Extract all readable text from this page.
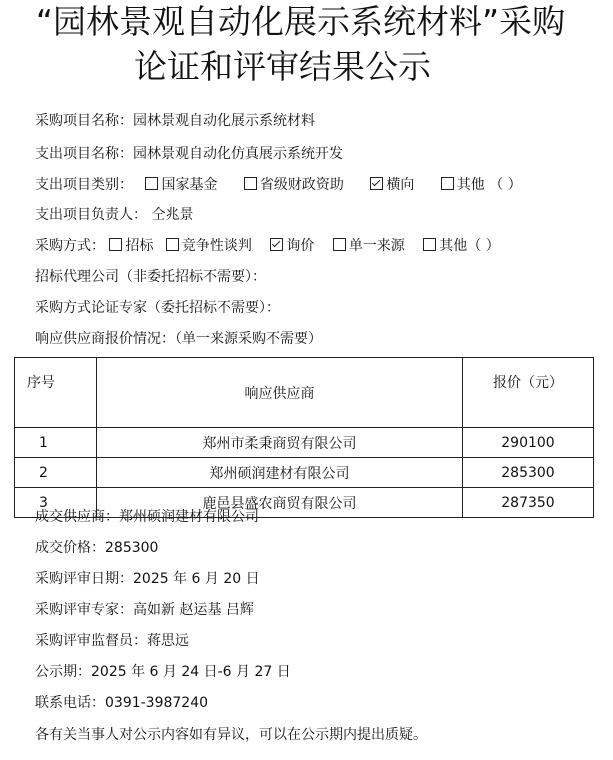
“园林景观自动化展示系统材料”采购
论证和评审结果公示
采购项目名称：园林景观自动化展示系统材料
支出项目名称：园林景观自动化仿真展示系统开发
支出项目类别： 国家基金	省级财政资助	横向	其他 （ ）
支出项目负责人： 仝兆景
采购方式： 招标 竞争性谈判 询价 单一来源 其他（ ）
招标代理公司（非委托招标不需要）：
采购方式论证专家（委托招标不需要）：
响应供应商报价情况：（单一来源采购不需要）
序号	响应供应商	报价（元）
1	郑州市柔秉商贸有限公司	290100
2	郑州硕润建材有限公司	285300
3	鹿邑县盛农商贸有限公司	287350
成交供应商：郑州硕润建材有限公司
成交价格：285300
采购评审日期：2025 年 6 月 20 日
采购评审专家：高如新 赵运基 吕辉
采购评审监督员：蒋思远
公示期：2025 年 6 月 24 日-6 月 27 日
联系电话：0391-3987240
各有关当事人对公示内容如有异议，可以在公示期内提出质疑。
